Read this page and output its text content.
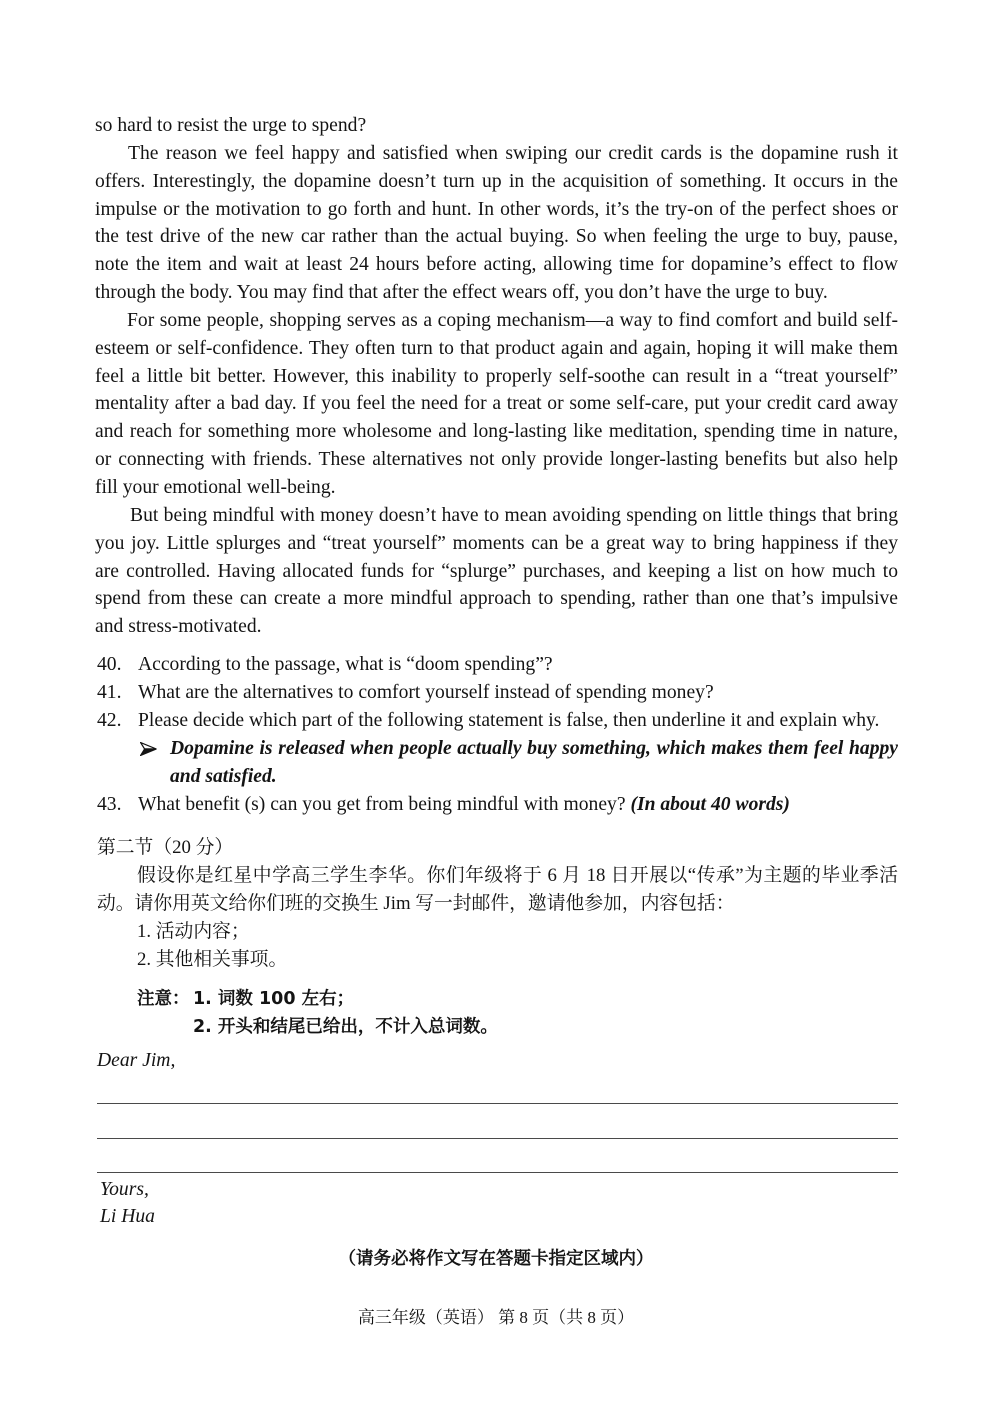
so hard to resist the urge to spend?
The reason we feel happy and satisfied when swiping our credit cards is the dopamine rush it
offers. Interestingly, the dopamine doesn’t turn up in the acquisition of something. It occurs in the
impulse or the motivation to go forth and hunt. In other words, it’s the try-on of the perfect shoes or
the test drive of the new car rather than the actual buying. So when feeling the urge to buy, pause,
note the item and wait at least 24 hours before acting, allowing time for dopamine’s effect to flow
through the body. You may find that after the effect wears off, you don’t have the urge to buy.
For some people, shopping serves as a coping mechanism—a way to find comfort and build self-
esteem or self-confidence. They often turn to that product again and again, hoping it will make them
feel a little bit better. However, this inability to properly self-soothe can result in a “treat yourself”
mentality after a bad day. If you feel the need for a treat or some self-care, put your credit card away
and reach for something more wholesome and long-lasting like meditation, spending time in nature,
or connecting with friends. These alternatives not only provide longer-lasting benefits but also help
fill your emotional well-being.
But being mindful with money doesn’t have to mean avoiding spending on little things that bring
you joy. Little splurges and “treat yourself” moments can be a great way to bring happiness if they
are controlled. Having allocated funds for “splurge” purchases, and keeping a list on how much to
spend from these can create a more mindful approach to spending, rather than one that’s impulsive
and stress-motivated.
40. According to the passage, what is “doom spending”?
41. What are the alternatives to comfort yourself instead of spending money?
42. Please decide which part of the following statement is false, then underline it and explain why.
Dopamine is released when people actually buy something, which makes them feel happy
and satisfied.
43. What benefit (s) can you get from being mindful with money? (In about 40 words)
第二节（20 分）
假设你是红星中学高三学生李华。你们年级将于 6 月 18 日开展以“传承”为主题的毕业季活
动。请你用英文给你们班的交换生 Jim 写一封邮件，邀请他参加，内容包括：
1. 活动内容；
2. 其他相关事项。
注意： 1. 词数 100 左右；
2. 开头和结尾已给出，不计入总词数。
Dear Jim,
Yours,
Li Hua
（请务必将作文写在答题卡指定区域内）
高三年级（英语） 第 8 页（共 8 页）
